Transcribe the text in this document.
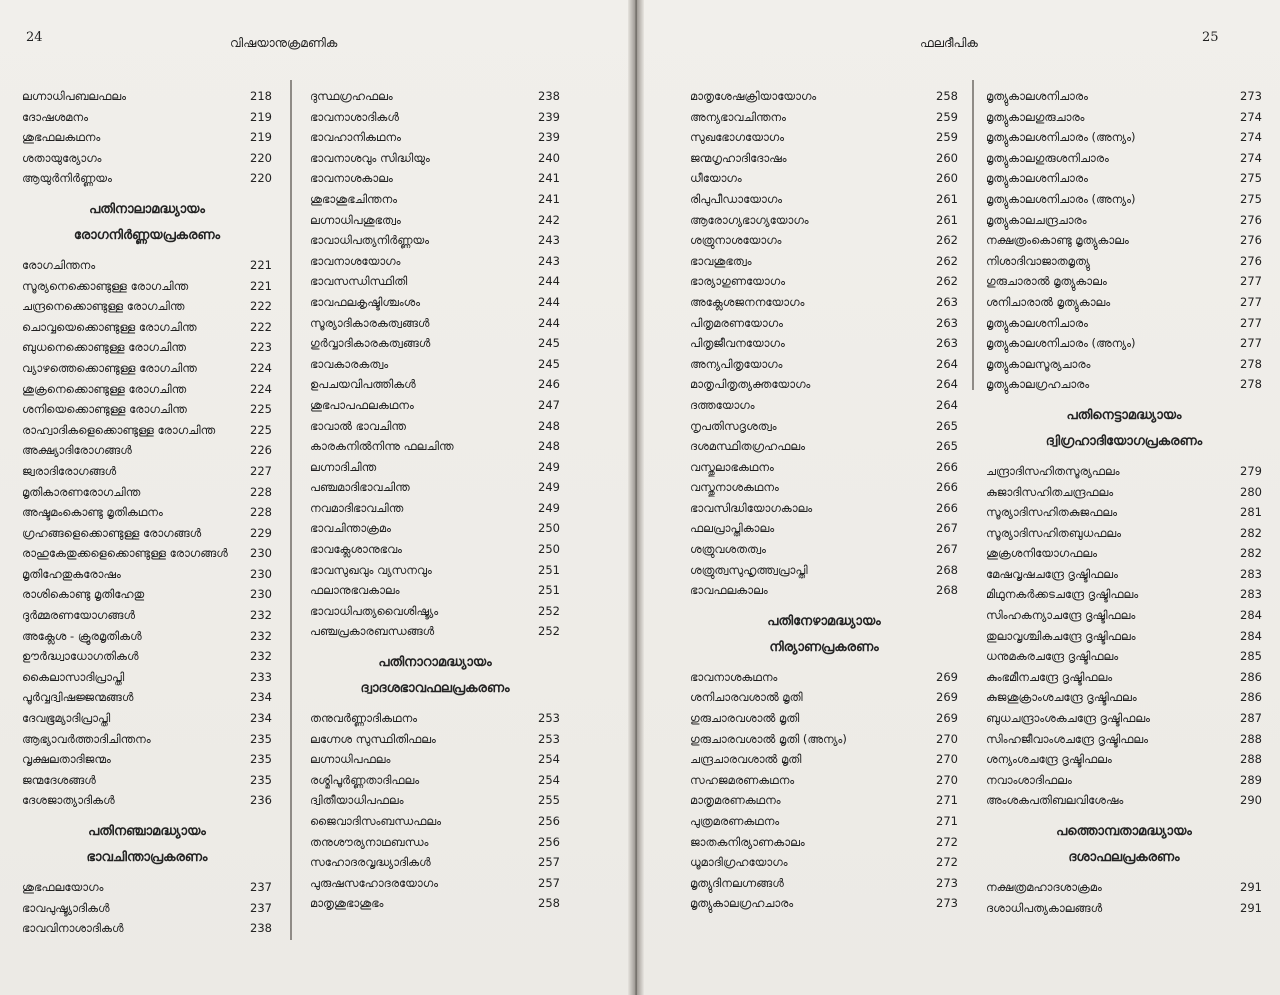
24	വിഷയാനുക്രമണിക
ലഗ്നാധിപബലഫലം	218
ദോഷശമനം	219
ശുഭഫലകഥനം	219
ശതായുര്യോഗം	220
ആയുർനിർണ്ണയം	220
പതിനാലാമദ്ധ്യായം
രോഗനിർണ്ണയപ്രകരണം
രോഗചിന്തനം	221
സൂര്യനെക്കൊണ്ടുള്ള രോഗചിന്ത	221
ചന്ദ്രനെക്കൊണ്ടുള്ള രോഗചിന്ത	222
ചൊവ്വയെക്കൊണ്ടുള്ള രോഗചിന്ത	222
ബുധനെക്കൊണ്ടുള്ള രോഗചിന്ത	223
വ്യാഴത്തെക്കൊണ്ടുള്ള രോഗചിന്ത	224
ശുക്രനെക്കൊണ്ടുള്ള രോഗചിന്ത	224
ശനിയെക്കൊണ്ടുള്ള രോഗചിന്ത	225
രാഹ്വാദികളെക്കൊണ്ടുള്ള രോഗചിന്ത	225
അക്ഷ്യാദിരോഗങ്ങൾ	226
ജ്വരാദിരോഗങ്ങൾ	227
മൃതികാരണരോഗചിന്ത	228
അഷ്ടമംകൊണ്ടു മൃതികഥനം	228
ഗ്രഹങ്ങളെക്കൊണ്ടുള്ള രോഗങ്ങൾ	229
രാഹുകേതുക്കളെക്കൊണ്ടുള്ള രോഗങ്ങൾ 230
മൃതിഹേതുകരോഷം	230
രാശികൊണ്ടു മൃതിഹേതു	230
ദുർമ്മരണയോഗങ്ങൾ	232
അക്ലേശ - ക്രൂരമൃതികൾ	232
ഊർദ്ധ്വാധോഗതികൾ	232
കൈലാസാദിപ്രാപ്തി	233
പൂർവ്വദ്വിഷജ്ജന്മങ്ങൾ	234
ദേവഭൂമ്യാദിപ്രാപ്തി	234
ആഭ്യാവർത്താദിചിന്തനം	235
വൃക്ഷലതാദിജന്മം	235
ജന്മദേശങ്ങൾ	235
ദേശജാത്യാദികൾ	236
പതിനഞ്ചാമദ്ധ്യായം
ഭാവചിന്താപ്രകരണം
ശുഭഫലയോഗം	237
ഭാവപുഷ്ട്യാദികൾ	237
ഭാവവിനാശാദികൾ	238
ദുസ്ഥഗ്രഹഫലം	238
ഭാവനാശാദികൾ	239
ഭാവഹാനികഥനം	239
ഭാവനാശവും സിദ്ധിയും	240
ഭാവനാശകാലം	241
ശുഭാശുഭചിന്തനം	241
ലഗ്നാധിപശുഭത്വം	242
ഭാവാധിപത്യനിർണ്ണയം	243
ഭാവനാശയോഗം	243
ഭാവസന്ധിസ്ഥിതി	244
ഭാവഫലകൃഷ്ടിശ്ചംശം	244
സൂര്യാദികാരകത്വങ്ങൾ	244
ഗുർവ്വാദികാരകത്വങ്ങൾ	245
ഭാവകാരകത്വം	245
ഉപചയവിപത്തികൾ	246
ശുഭപാപഫലകഥനം	247
ഭാവാൽ ഭാവചിന്ത	248
കാരകനിൽനിന്നു ഫലചിന്ത	248
ലഗ്നാദിചിന്ത	249
പഞ്ചമാദിഭാവചിന്ത	249
നവമാദിഭാവചിന്ത	249
ഭാവചിന്താക്രമം	250
ഭാവക്ലേശാനുഭവം	250
ഭാവസുഖവും വ്യസനവും	251
ഫലാനുഭവകാലം	251
ഭാവാധിപത്യവൈശിഷ്ട്യം	252
പഞ്ചപ്രകാരബന്ധങ്ങൾ	252
പതിനാറാമദ്ധ്യായം
ദ്വാദശഭാവഫലപ്രകരണം
തനുവർണ്ണാദികഥനം	253
ലഗ്നേശ സുസ്ഥിതിഫലം	253
ലഗ്നാധിപഫലം	254
രശ്മിപൂർണ്ണതാദിഫലം	254
ദ്വിതീയാധിപഫലം	255
ജൈവാദിസംബന്ധഫലം	256
തനുശൗര്യനാഥബന്ധം	256
സഹോദരവൃദ്ധ്യാദികൾ	257
പുരുഷസഹോദരയോഗം	257
മാതൃശുഭാശുഭം	258
25
ഫലദീപിക
മാതൃശേഷക്രിയായോഗം	258
അന്യഭാവചിന്തനം	259
സുഖഭോഗയോഗം	259
ജന്മഗൃഹാദിദോഷം	260
ധീയോഗം	260
രിപുപീഡായോഗം	261
ആരോഗ്യഭാഗ്യയോഗം	261
ശത്രുനാശയോഗം	262
ഭാവശുഭത്വം	262
ഭാര്യാഗുണയോഗം	262
അക്ലേശജനനയോഗം	263
പിതൃമരണയോഗം	263
പിതൃജീവനയോഗം	263
അന്യപിതൃയോഗം	264
മാതൃപിതൃത്യക്തയോഗം	264
ദത്തയോഗം	264
നൃപതിസദൃശത്വം	265
ദശമസ്ഥിതഗ്രഹഫലം	265
വസ്തുലാഭകഥനം	266
വസ്തുനാശകഥനം	266
ഭാവസിദ്ധിയോഗകാലം	266
ഫലപ്രാപ്തികാലം	267
ശത്രുവശതത്വം	267
ശത്രുത്വസുഹൃത്ത്വപ്രാപ്തി	268
ഭാവഫലകാലം	268
പതിനേഴാമദ്ധ്യായം
നിര്യാണപ്രകരണം
ഭാവനാശകഥനം	269
ശനിചാരവശാൽ മൃതി	269
ഗുരുചാരവശാൽ മൃതി	269
ഗുരുചാരവശാൽ മൃതി (അന്യം)	270
ചന്ദ്രചാരവശാൽ മൃതി	270
സഹജമരണകഥനം	270
മാതൃമരണകഥനം	271
പുത്രമരണകഥനം	271
ജാതകനിര്യാണകാലം	272
ധൂമാദിഗ്രഹയോഗം	272
മൃത്യുദിനലഗ്നങ്ങൾ	273
മൃത്യുകാലഗ്രഹചാരം	273
മൃത്യുകാലശനിചാരം	273
മൃത്യുകാലഗുരുചാരം	274
മൃത്യുകാലശനിചാരം (അന്യം)	274
മൃത്യുകാലഗുരുശനിചാരം	274
മൃത്യുകാലശനിചാരം	275
മൃത്യുകാലശനിചാരം (അന്യം)	275
മൃത്യുകാലചന്ദ്രചാരം	276
നക്ഷത്രംകൊണ്ടു മൃത്യുകാലം	276
നിശാദിവാജാതമൃത്യു	276
ഗുരുചാരാൽ മൃത്യുകാലം	277
ശനിചാരാൽ മൃത്യുകാലം	277
മൃത്യുകാലശനിചാരം	277
മൃത്യുകാലശനിചാരം (അന്യം)	277
മൃത്യുകാലസൂര്യചാരം	278
മൃത്യുകാലഗ്രഹചാരം	278
പതിനെട്ടാമദ്ധ്യായം
ദ്വിഗ്രഹാദിയോഗപ്രകരണം
ചന്ദ്രാദിസഹിതസൂര്യഫലം	279
കുജാദിസഹിതചന്ദ്രഫലം	280
സൂര്യാദിസഹിതകുജഫലം	281
സൂര്യാദിസഹിതബുധഫലം	282
ശുക്രശനിയോഗഫലം	282
മേഷവൃഷചന്ദ്രേ ദൃഷ്ടിഫലം	283
മിഥുനകർക്കടചന്ദ്രേ ദൃഷ്ടിഫലം	283
സിംഹകന്യാചന്ദ്രേ ദൃഷ്ടിഫലം	284
തുലാവൃശ്ചികചന്ദ്രേ ദൃഷ്ടിഫലം	284
ധനുമകരചന്ദ്രേ ദൃഷ്ടിഫലം	285
കുംഭമീനചന്ദ്രേ ദൃഷ്ടിഫലം	286
കുജശുക്രാംശചന്ദ്രേ ദൃഷ്ടിഫലം	286
ബുധചന്ദ്രാംശകചന്ദ്രേ ദൃഷ്ടിഫലം	287
സിംഹജീവാംശചന്ദ്രേ ദൃഷ്ടിഫലം	288
ശന്യംശചന്ദ്രേ ദൃഷ്ടിഫലം	288
നവാംശാദിഫലം	289
അംശകപതിബലവിശേഷം	290
പത്തൊമ്പതാമദ്ധ്യായം
ദശാഫലപ്രകരണം
നക്ഷത്രമഹാദശാക്രമം	291
ദശാധിപത്യകാലങ്ങൾ	291
